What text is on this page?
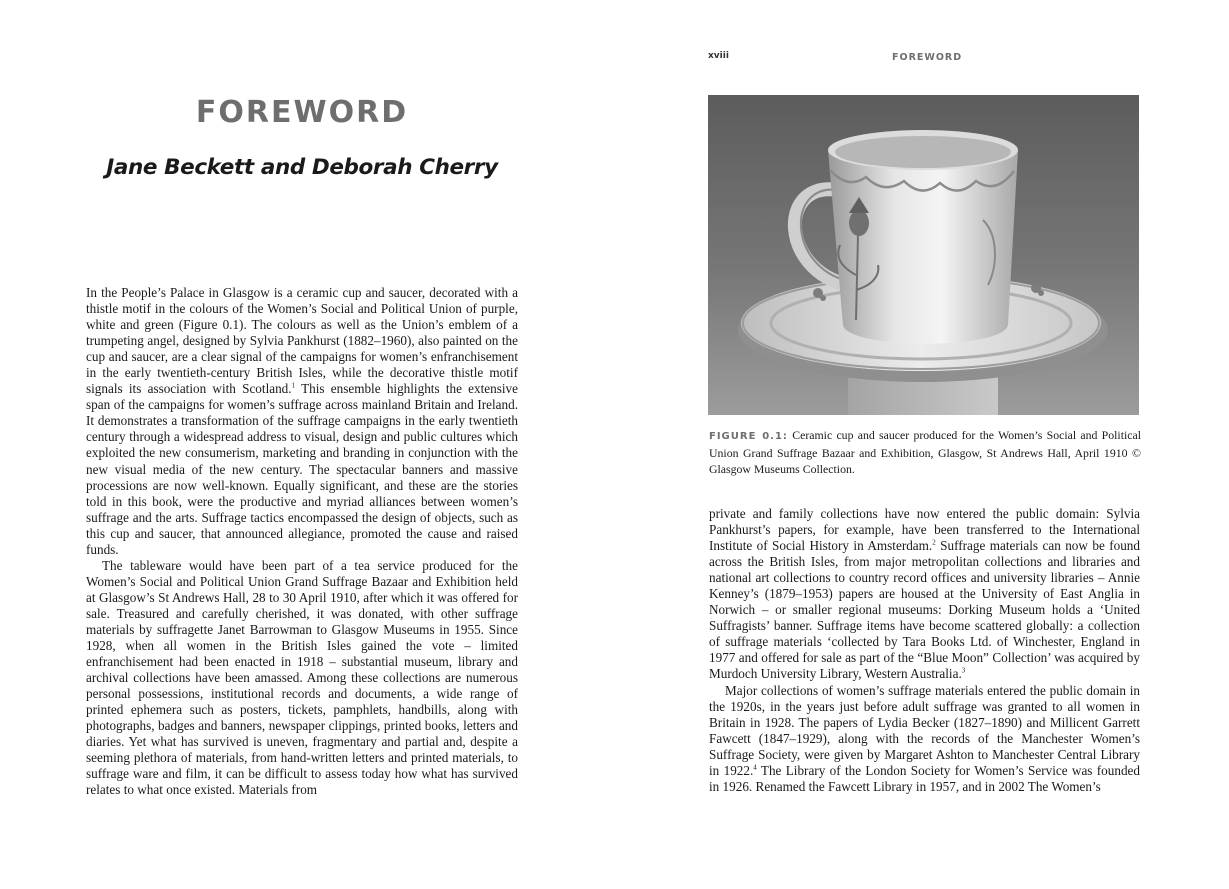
FOREWORD
Jane Beckett and Deborah Cherry

In the People’s Palace in Glasgow is a ceramic cup and saucer, decorated with a thistle motif in the colours of the Women’s Social and Political Union of purple, white and green (Figure 0.1). The colours as well as the Union’s emblem of a trumpeting angel, designed by Sylvia Pankhurst (1882–1960), also painted on the cup and saucer, are a clear signal of the campaigns for women’s enfranchisement in the early twentieth-century British Isles, while the decorative thistle motif signals its association with Scotland.$^1$ This ensemble highlights the extensive span of the campaigns for women’s suffrage across mainland Britain and Ireland. It demonstrates a transformation of the suffrage campaigns in the early twentieth century through a widespread address to visual, design and public cultures which exploited the new consumerism, marketing and branding in conjunction with the new visual media of the new century. The spectacular banners and massive processions are now well-known. Equally significant, and these are the stories told in this book, were the productive and myriad alliances between women’s suffrage and the arts. Suffrage tactics encompassed the design of objects, such as this cup and saucer, that announced allegiance, promoted the cause and raised funds.

The tableware would have been part of a tea service produced for the Women’s Social and Political Union Grand Suffrage Bazaar and Exhibition held at Glasgow’s St Andrews Hall, 28 to 30 April 1910, after which it was offered for sale. Treasured and carefully cherished, it was donated, with other suffrage materials by suffragette Janet Barrowman to Glasgow Museums in 1955. Since 1928, when all women in the British Isles gained the vote – limited enfranchisement had been enacted in 1918 – substantial museum, library and archival collections have been amassed. Among these collections are numerous personal possessions, institutional records and documents, a wide range of printed ephemera such as posters, tickets, pamphlets, handbills, along with photographs, badges and banners, newspaper clippings, printed books, letters and diaries. Yet what has survived is uneven, fragmentary and partial and, despite a seeming plethora of materials, from hand-written letters and printed materials, to suffrage ware and film, it can be difficult to assess today how what has survived relates to what once existed. Materials from

xviii	FOREWORD

FIGURE 0.1: Ceramic cup and saucer produced for the Women’s Social and Political Union Grand Suffrage Bazaar and Exhibition, Glasgow, St Andrews Hall, April 1910 © Glasgow Museums Collection.

private and family collections have now entered the public domain: Sylvia Pankhurst’s papers, for example, have been transferred to the International Institute of Social History in Amsterdam.$^2$ Suffrage materials can now be found across the British Isles, from major metropolitan collections and libraries and national art collections to country record offices and university libraries – Annie Kenney’s (1879–1953) papers are housed at the University of East Anglia in Norwich – or smaller regional museums: Dorking Museum holds a ‘United Suffragists’ banner. Suffrage items have become scattered globally: a collection of suffrage materials ‘collected by Tara Books Ltd. of Winchester, England in 1977 and offered for sale as part of the “Blue Moon” Collection’ was acquired by Murdoch University Library, Western Australia.$^3$

Major collections of women’s suffrage materials entered the public domain in the 1920s, in the years just before adult suffrage was granted to all women in Britain in 1928. The papers of Lydia Becker (1827–1890) and Millicent Garrett Fawcett (1847–1929), along with the records of the Manchester Women’s Suffrage Society, were given by Margaret Ashton to Manchester Central Library in 1922.$^4$ The Library of the London Society for Women’s Service was founded in 1926. Renamed the Fawcett Library in 1957, and in 2002 The Women’s
